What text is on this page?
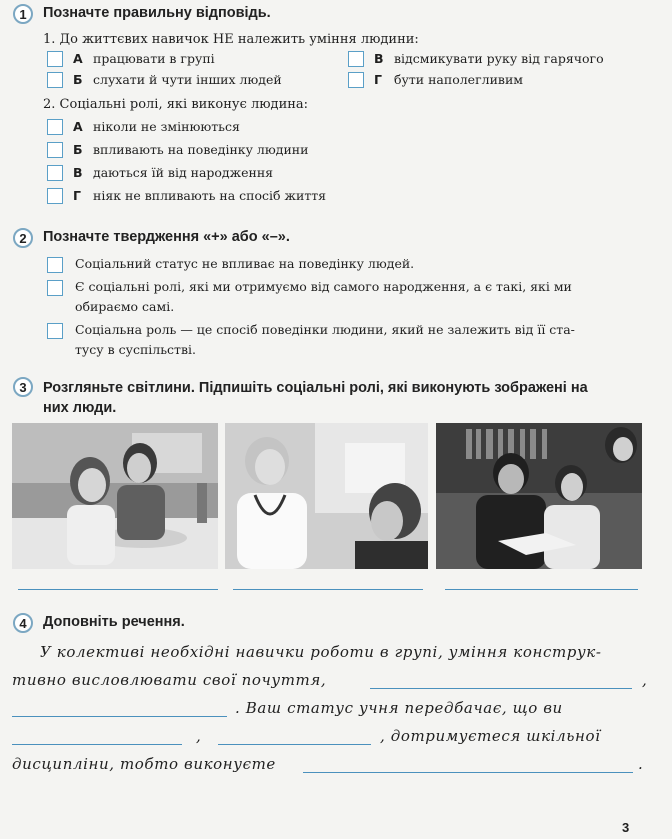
1	Позначте правильну відповідь.
1. До життєвих навичок НЕ належить уміння людини:
А працювати в групі
Б слухати й чути інших людей
В відсмикувати руку від гарячого
Г бути наполегливим
2. Соціальні ролі, які виконує людина:
А ніколи не змінюються
Б впливають на поведінку людини
В даються їй від народження
Г ніяк не впливають на спосіб життя
2	Позначте твердження «+» або «–».
Соціальний статус не впливає на поведінку людей.
Є соціальні ролі, які ми отримуємо від самого народження, а є такі, які ми
обираємо самі.
Соціальна роль — це спосіб поведінки людини, який не залежить від її ста-
тусу в суспільстві.
3	Розгляньте світлини. Підпишіть соціальні ролі, які виконують зображені на
них люди.
4	Доповніть речення.
У колективі необхідні навички роботи в групі, уміння конструк-
тивно висловлювати свої почуття,	,
. Ваш статус учня передбачає, що ви
,	, дотримуєтеся шкільної
дисципліни, тобто виконуєте	.
3
